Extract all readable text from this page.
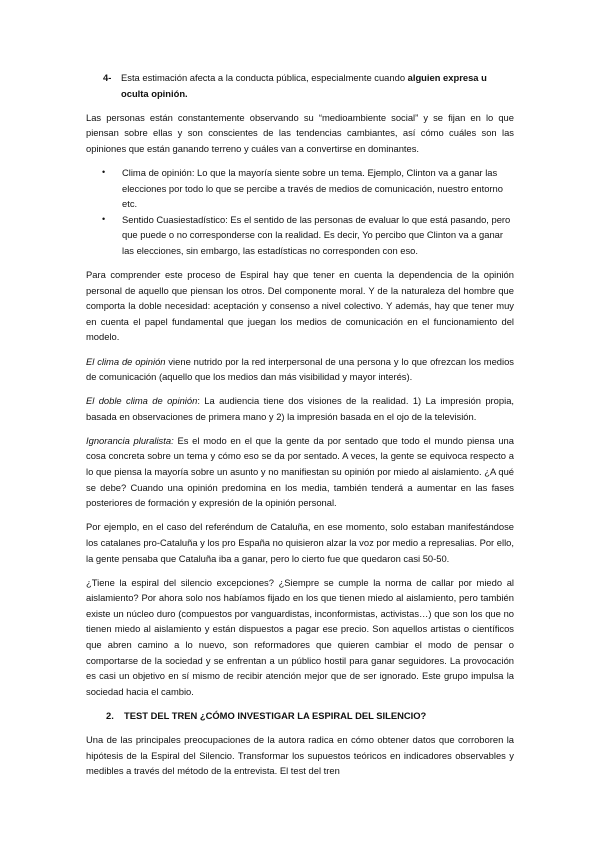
4-	Esta estimación afecta a la conducta pública, especialmente cuando alguien expresa u oculta opinión.

Las personas están constantemente observando su “medioambiente social” y se fijan en lo que piensan sobre ellas y son conscientes de las tendencias cambiantes, así cómo cuáles son las opiniones que están ganando terreno y cuáles van a convertirse en dominantes.

•	Clima de opinión: Lo que la mayoría siente sobre un tema. Ejemplo, Clinton va a ganar las elecciones por todo lo que se percibe a través de medios de comunicación, nuestro entorno etc.
•	Sentido Cuasiestadístico: Es el sentido de las personas de evaluar lo que está pasando, pero que puede o no corresponderse con la realidad. Es decir, Yo percibo que Clinton va a ganar las elecciones, sin embargo, las estadísticas no corresponden con eso.

Para comprender este proceso de Espiral hay que tener en cuenta la dependencia de la opinión personal de aquello que piensan los otros. Del componente moral. Y de la naturaleza del hombre que comporta la doble necesidad: aceptación y consenso a nivel colectivo. Y además, hay que tener muy en cuenta el papel fundamental que juegan los medios de comunicación en el funcionamiento del modelo.

El clima de opinión viene nutrido por la red interpersonal de una persona y lo que ofrezcan los medios de comunicación (aquello que los medios dan más visibilidad y mayor interés).

El doble clima de opinión: La audiencia tiene dos visiones de la realidad. 1) La impresión propia, basada en observaciones de primera mano y 2) la impresión basada en el ojo de la televisión.

Ignorancia pluralista: Es el modo en el que la gente da por sentado que todo el mundo piensa una cosa concreta sobre un tema y cómo eso se da por sentado. A veces, la gente se equivoca respecto a lo que piensa la mayoría sobre un asunto y no manifiestan su opinión por miedo al aislamiento. ¿A qué se debe? Cuando una opinión predomina en los media, también tenderá a aumentar en las fases posteriores de formación y expresión de la opinión personal.

Por ejemplo, en el caso del referéndum de Cataluña, en ese momento, solo estaban manifestándose los catalanes pro-Cataluña y los pro España no quisieron alzar la voz por medio a represalias. Por ello, la gente pensaba que Cataluña iba a ganar, pero lo cierto fue que quedaron casi 50-50.

¿Tiene la espiral del silencio excepciones? ¿Siempre se cumple la norma de callar por miedo al aislamiento? Por ahora solo nos habíamos fijado en los que tienen miedo al aislamiento, pero también existe un núcleo duro (compuestos por vanguardistas, inconformistas, activistas…) que son los que no tienen miedo al aislamiento y están dispuestos a pagar ese precio. Son aquellos artistas o científicos que abren camino a lo nuevo, son reformadores que quieren cambiar el modo de pensar o comportarse de la sociedad y se enfrentan a un público hostil para ganar seguidores. La provocación es casi un objetivo en sí mismo de recibir atención mejor que de ser ignorado. Este grupo impulsa la sociedad hacia el cambio.

2.	TEST DEL TREN ¿CÓMO INVESTIGAR LA ESPIRAL DEL SILENCIO?

Una de las principales preocupaciones de la autora radica en cómo obtener datos que corroboren la hipótesis de la Espiral del Silencio. Transformar los supuestos teóricos en indicadores observables y medibles a través del método de la entrevista. El test del tren
